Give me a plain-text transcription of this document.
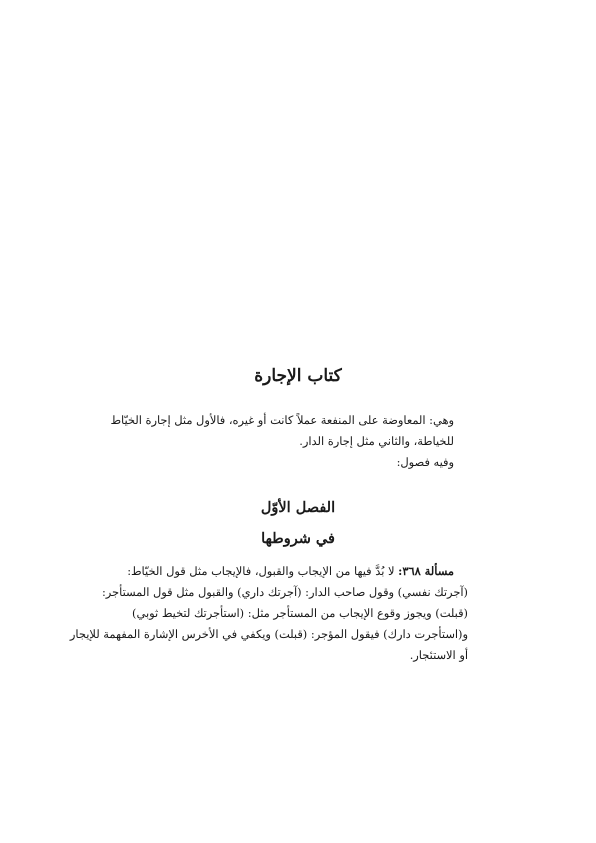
كتاب الإجارة

وهي: المعاوضة على المنفعة عملاً كانت أو غيره، فالأول مثل إجارة الخيّاط
للخياطة، والثاني مثل إجارة الدار.
وفيه فصول:

الفصل الأوّل
في شروطها

مسألة ٣٦٨: لا بُدَّ فيها من الإيجاب والقبول، فالإيجاب مثل قول الخيّاط:
(آجرتك نفسي) وقول صاحب الدار: (آجرتك داري) والقبول مثل قول المستأجر:
(قبلت) ويجوز وقوع الإيجاب من المستأجر مثل: (استأجرتك لتخيط ثوبي)
و(استأجرت دارك) فيقول المؤجر: (قبلت) ويكفي في الأخرس الإشارة المفهمة للإيجار
أو الاستئجار.
